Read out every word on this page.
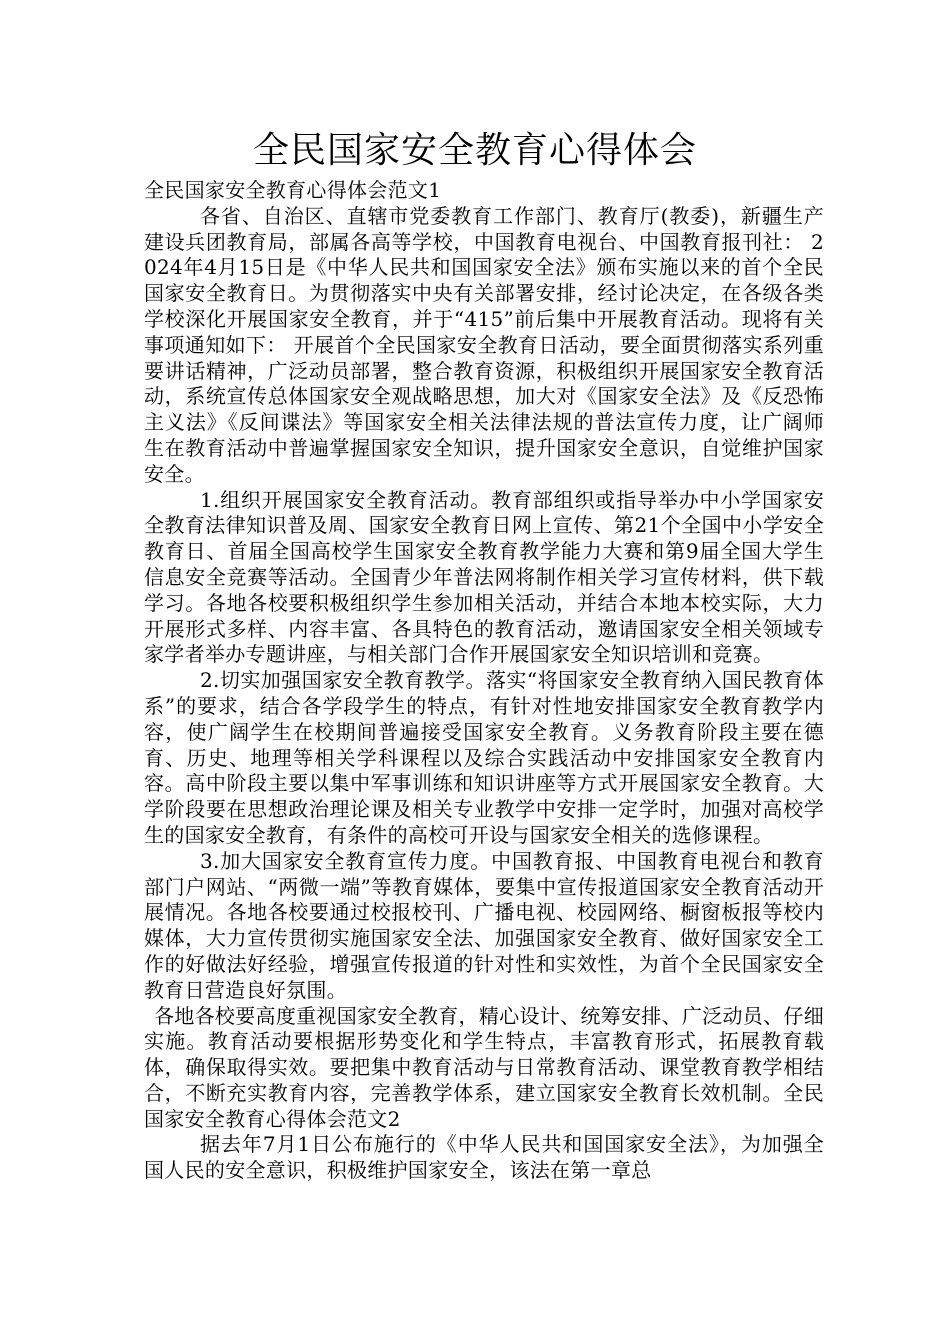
全民国家安全教育心得体会

全民国家安全教育心得体会范文1

各省、自治区、直辖市党委教育工作部门、教育厅(教委)，新疆生产建设兵团教育局，部属各高等学校，中国教育电视台、中国教育报刊社： 2024年4月15日是《中华人民共和国国家安全法》颁布实施以来的首个全民国家安全教育日。为贯彻落实中央有关部署安排，经讨论决定，在各级各类学校深化开展国家安全教育，并于“415”前后集中开展教育活动。现将有关事项通知如下： 开展首个全民国家安全教育日活动，要全面贯彻落实系列重要讲话精神，广泛动员部署，整合教育资源，积极组织开展国家安全教育活动，系统宣传总体国家安全观战略思想，加大对《国家安全法》及《反恐怖主义法》《反间谍法》等国家安全相关法律法规的普法宣传力度，让广阔师生在教育活动中普遍掌握国家安全知识，提升国家安全意识，自觉维护国家安全。

1.组织开展国家安全教育活动。教育部组织或指导举办中小学国家安全教育法律知识普及周、国家安全教育日网上宣传、第21个全国中小学安全教育日、首届全国高校学生国家安全教育教学能力大赛和第9届全国大学生信息安全竞赛等活动。全国青少年普法网将制作相关学习宣传材料，供下载学习。各地各校要积极组织学生参加相关活动，并结合本地本校实际，大力开展形式多样、内容丰富、各具特色的教育活动，邀请国家安全相关领域专家学者举办专题讲座，与相关部门合作开展国家安全知识培训和竞赛。

2.切实加强国家安全教育教学。落实“将国家安全教育纳入国民教育体系”的要求，结合各学段学生的特点，有针对性地安排国家安全教育教学内容，使广阔学生在校期间普遍接受国家安全教育。义务教育阶段主要在德育、历史、地理等相关学科课程以及综合实践活动中安排国家安全教育内容。高中阶段主要以集中军事训练和知识讲座等方式开展国家安全教育。大学阶段要在思想政治理论课及相关专业教学中安排一定学时，加强对高校学生的国家安全教育，有条件的高校可开设与国家安全相关的选修课程。

3.加大国家安全教育宣传力度。中国教育报、中国教育电视台和教育部门户网站、“两微一端”等教育媒体，要集中宣传报道国家安全教育活动开展情况。各地各校要通过校报校刊、广播电视、校园网络、橱窗板报等校内媒体，大力宣传贯彻实施国家安全法、加强国家安全教育、做好国家安全工作的好做法好经验，增强宣传报道的针对性和实效性，为首个全民国家安全教育日营造良好氛围。

各地各校要高度重视国家安全教育，精心设计、统筹安排、广泛动员、仔细实施。教育活动要根据形势变化和学生特点，丰富教育形式，拓展教育载体，确保取得实效。要把集中教育活动与日常教育活动、课堂教育教学相结合，不断充实教育内容，完善教学体系，建立国家安全教育长效机制。全民国家安全教育心得体会范文2

据去年7月1日公布施行的《中华人民共和国国家安全法》，为加强全国人民的安全意识，积极维护国家安全，该法在第一章总
